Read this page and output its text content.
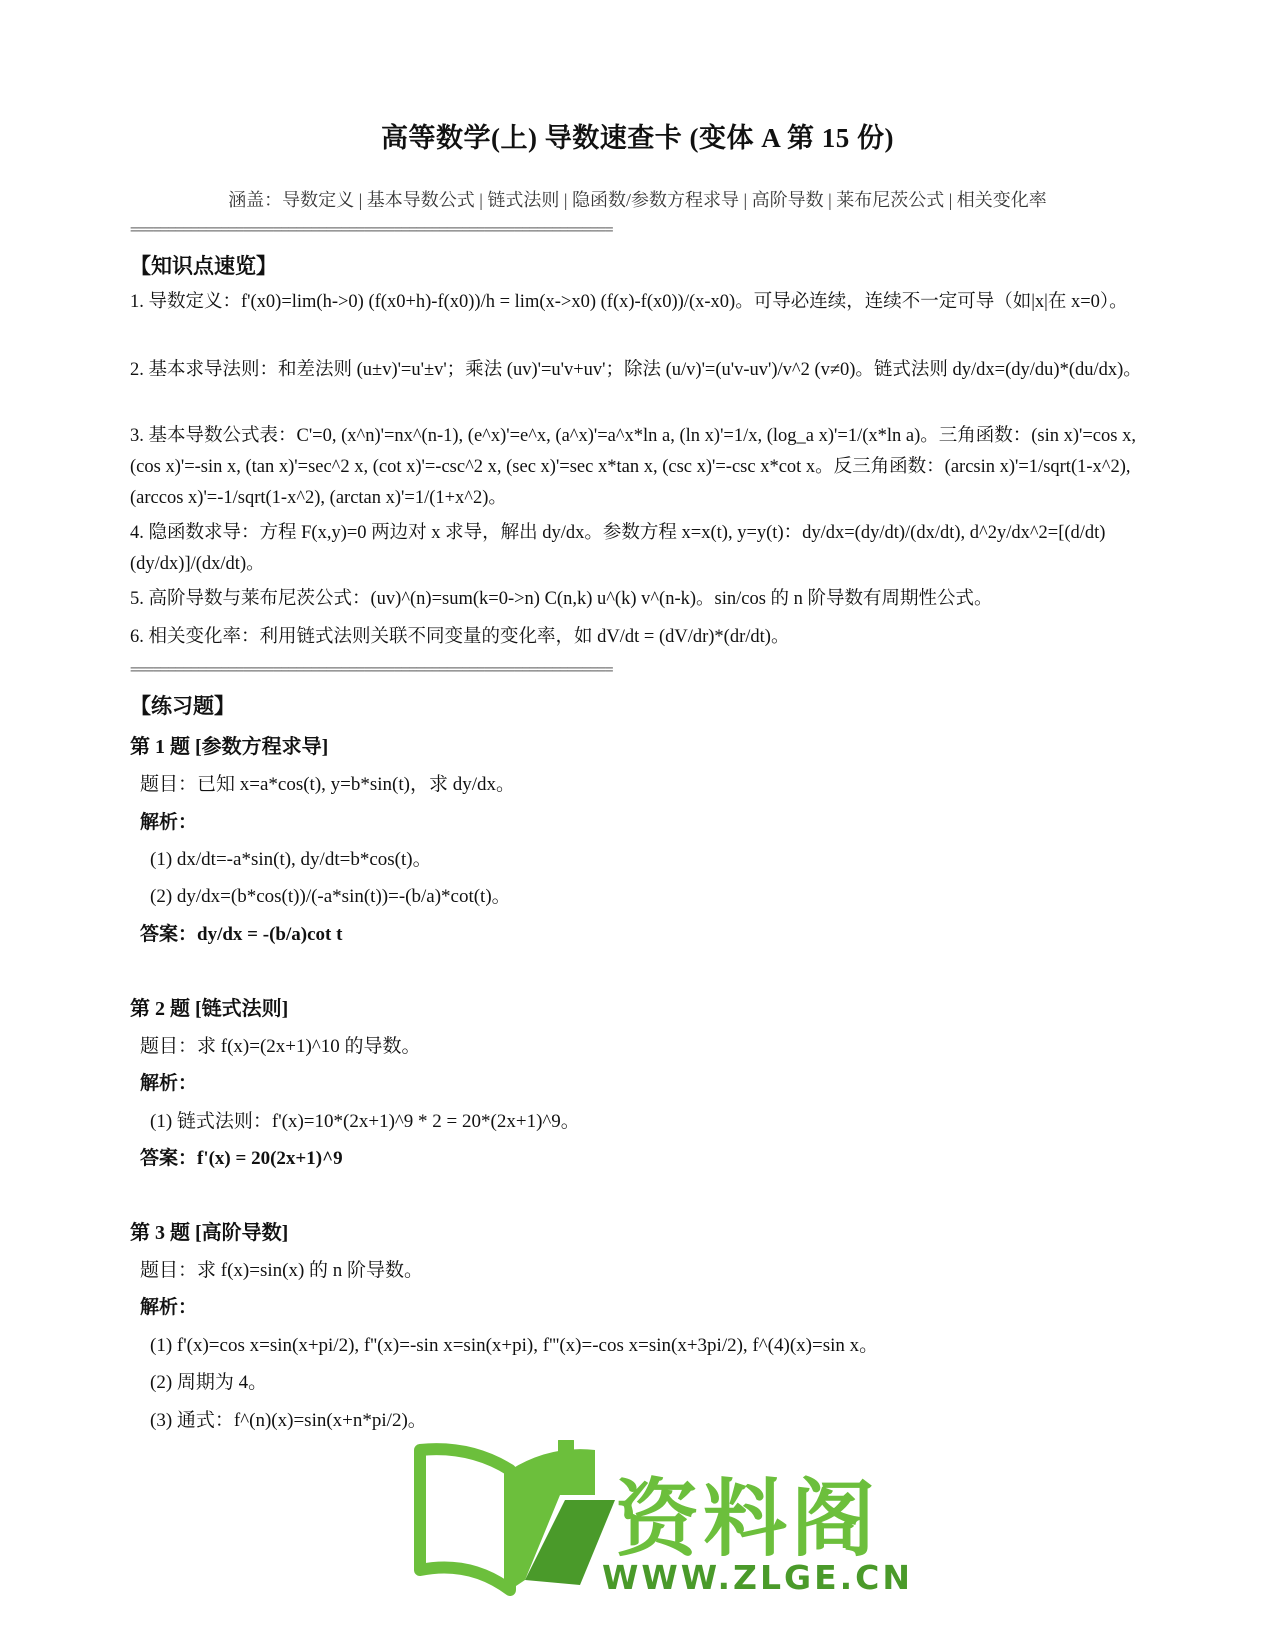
高等数学(上) 导数速查卡 (变体 A 第 15 份)
涵盖：导数定义 | 基本导数公式 | 链式法则 | 隐函数/参数方程求导 | 高阶导数 | 莱布尼茨公式 | 相关变化率
================================================================
【知识点速览】
1. 导数定义：f'(x0)=lim(h->0) (f(x0+h)-f(x0))/h = lim(x->x0) (f(x)-f(x0))/(x-x0)。可导必连续，连续不一定可导（如|x|在 x=0）。
2. 基本求导法则：和差法则 (u±v)'=u'±v'；乘法 (uv)'=u'v+uv'；除法 (u/v)'=(u'v-uv')/v^2 (v≠0)。链式法则 dy/dx=(dy/du)*(du/dx)。
3. 基本导数公式表：C'=0, (x^n)'=nx^(n-1), (e^x)'=e^x, (a^x)'=a^x*ln a, (ln x)'=1/x, (log_a x)'=1/(x*ln a)。三角函数：(sin x)'=cos x, (cos x)'=-sin x, (tan x)'=sec^2 x, (cot x)'=-csc^2 x, (sec x)'=sec x*tan x, (csc x)'=-csc x*cot x。反三角函数：(arcsin x)'=1/sqrt(1-x^2), (arccos x)'=-1/sqrt(1-x^2), (arctan x)'=1/(1+x^2)。
4. 隐函数求导：方程 F(x,y)=0 两边对 x 求导，解出 dy/dx。参数方程 x=x(t), y=y(t)：dy/dx=(dy/dt)/(dx/dt), d^2y/dx^2=[(d/dt)(dy/dx)]/(dx/dt)。
5. 高阶导数与莱布尼茨公式：(uv)^(n)=sum(k=0->n) C(n,k) u^(k) v^(n-k)。sin/cos 的 n 阶导数有周期性公式。
6. 相关变化率：利用链式法则关联不同变量的变化率，如 dV/dt = (dV/dr)*(dr/dt)。
================================================================
【练习题】
第 1 题 [参数方程求导]
题目：已知 x=a*cos(t), y=b*sin(t)，求 dy/dx。
解析：
(1) dx/dt=-a*sin(t), dy/dt=b*cos(t)。
(2) dy/dx=(b*cos(t))/(-a*sin(t))=-(b/a)*cot(t)。
答案：dy/dx = -(b/a)cot t
第 2 题 [链式法则]
题目：求 f(x)=(2x+1)^10 的导数。
解析：
(1) 链式法则：f'(x)=10*(2x+1)^9 * 2 = 20*(2x+1)^9。
答案：f'(x) = 20(2x+1)^9
第 3 题 [高阶导数]
题目：求 f(x)=sin(x) 的 n 阶导数。
解析：
(1) f'(x)=cos x=sin(x+pi/2), f''(x)=-sin x=sin(x+pi), f'''(x)=-cos x=sin(x+3pi/2), f^(4)(x)=sin x。
(2) 周期为 4。
(3) 通式：f^(n)(x)=sin(x+n*pi/2)。
资料阁
WWW.ZLGE.CN
